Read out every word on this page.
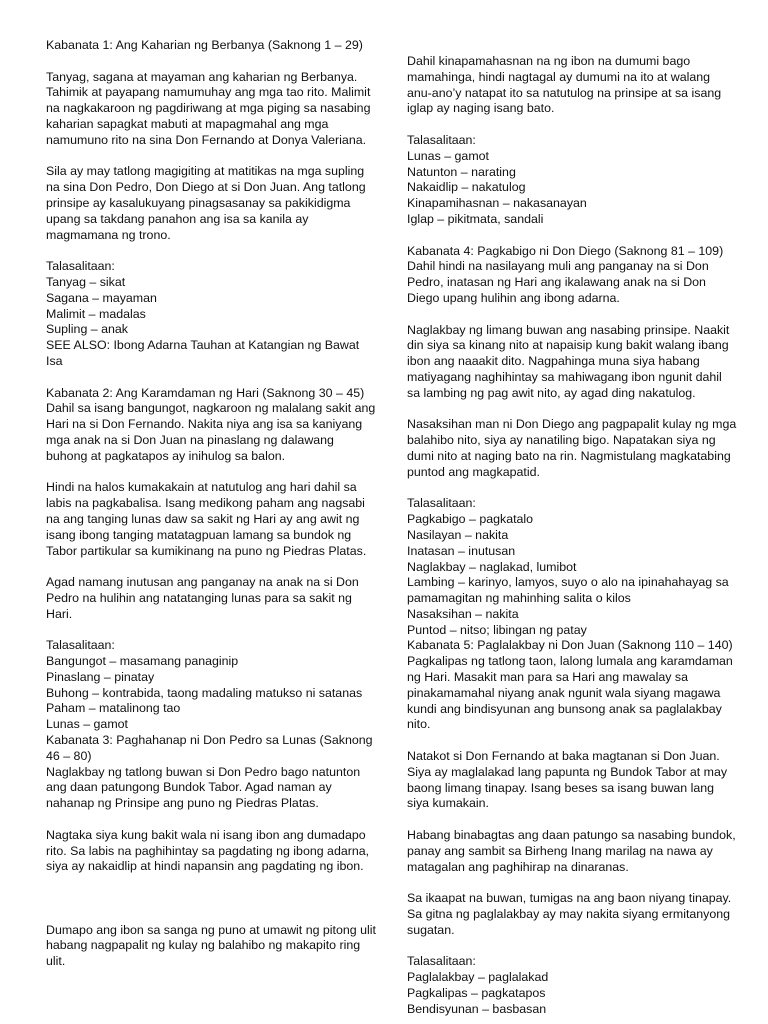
Kabanata 1: Ang Kaharian ng Berbanya (Saknong 1 – 29)

Tanyag, sagana at mayaman ang kaharian ng Berbanya. Tahimik at payapang namumuhay ang mga tao rito. Malimit na nagkakaroon ng pagdiriwang at mga piging sa nasabing kaharian sapagkat mabuti at mapagmahal ang mga namumuno rito na sina Don Fernando at Donya Valeriana.

Sila ay may tatlong magigiting at matitikas na mga supling na sina Don Pedro, Don Diego at si Don Juan. Ang tatlong prinsipe ay kasalukuyang pinagsasanay sa pakikidigma upang sa takdang panahon ang isa sa kanila ay magmamana ng trono.

Talasalitaan:
Tanyag – sikat
Sagana – mayaman
Malimit – madalas
Supling – anak
SEE ALSO: Ibong Adarna Tauhan at Katangian ng Bawat Isa

Kabanata 2: Ang Karamdaman ng Hari (Saknong 30 – 45)

Dahil sa isang bangungot, nagkaroon ng malalang sakit ang Hari na si Don Fernando. Nakita niya ang isa sa kaniyang mga anak na si Don Juan na pinaslang ng dalawang buhong at pagkatapos ay inihulog sa balon.

Hindi na halos kumakakain at natutulog ang hari dahil sa labis na pagkabalisa. Isang medikong paham ang nagsabi na ang tanging lunas daw sa sakit ng Hari ay ang awit ng isang ibong tanging matatagpuan lamang sa bundok ng Tabor partikular sa kumikinang na puno ng Piedras Platas.

Agad namang inutusan ang panganay na anak na si Don Pedro na hulihin ang natatanging lunas para sa sakit ng Hari.

Talasalitaan:
Bangungot – masamang panaginip
Pinaslang – pinatay
Buhong – kontrabida, taong madaling matukso ni satanas
Paham – matalinong tao
Lunas – gamot

Kabanata 3: Paghahanap ni Don Pedro sa Lunas (Saknong 46 – 80)

Naglakbay ng tatlong buwan si Don Pedro bago natunton ang daan patungong Bundok Tabor. Agad naman ay nahanap ng Prinsipe ang puno ng Piedras Platas.

Nagtaka siya kung bakit wala ni isang ibon ang dumadapo rito. Sa labis na paghihintay sa pagdating ng ibong adarna, siya ay nakaidlip at hindi napansin ang pagdating ng ibon.

Dumapo ang ibon sa sanga ng puno at umawit ng pitong ulit habang nagpapalit ng kulay ng balahibo ng makapito ring ulit.

Dahil kinapamahasnan na ng ibon na dumumi bago mamahinga, hindi nagtagal ay dumumi na ito at walang anu-ano’y natapat ito sa natutulog na prinsipe at sa isang iglap ay naging isang bato.

Talasalitaan:
Lunas – gamot
Natunton – narating
Nakaidlip – nakatulog
Kinapamihasnan – nakasanayan
Iglap – pikitmata, sandali

Kabanata 4: Pagkabigo ni Don Diego (Saknong 81 – 109)

Dahil hindi na nasilayang muli ang panganay na si Don Pedro, inatasan ng Hari ang ikalawang anak na si Don Diego upang hulihin ang ibong adarna.

Naglakbay ng limang buwan ang nasabing prinsipe. Naakit din siya sa kinang nito at napaisip kung bakit walang ibang ibon ang naaakit dito. Nagpahinga muna siya habang matiyagang naghihintay sa mahiwagang ibon ngunit dahil sa lambing ng pag awit nito, ay agad ding nakatulog.

Nasaksihan man ni Don Diego ang pagpapalit kulay ng mga balahibo nito, siya ay nanatiling bigo. Napatakan siya ng dumi nito at naging bato na rin. Nagmistulang magkatabing puntod ang magkapatid.

Talasalitaan:
Pagkabigo – pagkatalo
Nasilayan – nakita
Inatasan – inutusan
Naglakbay – naglakad, lumibot
Lambing – karinyo, lamyos, suyo o alo na ipinahahayag sa pamamagitan ng mahinhing salita o kilos
Nasaksihan – nakita
Puntod – nitso; libingan ng patay

Kabanata 5: Paglalakbay ni Don Juan (Saknong 110 – 140)

Pagkalipas ng tatlong taon, lalong lumala ang karamdaman ng Hari. Masakit man para sa Hari ang mawalay sa pinakamamahal niyang anak ngunit wala siyang magawa kundi ang bindisyunan ang bunsong anak sa paglalakbay nito.

Natakot si Don Fernando at baka magtanan si Don Juan. Siya ay maglalakad lang papunta ng Bundok Tabor at may baong limang tinapay. Isang beses sa isang buwan lang siya kumakain.

Habang binabagtas ang daan patungo sa nasabing bundok, panay ang sambit sa Birheng Inang marilag na nawa ay matagalan ang paghihirap na dinaranas.

Sa ikaapat na buwan, tumigas na ang baon niyang tinapay. Sa gitna ng paglalakbay ay may nakita siyang ermitanyong sugatan.

Talasalitaan:
Paglalakbay – paglalakad
Pagkalipas – pagkatapos
Bendisyunan – basbasan
